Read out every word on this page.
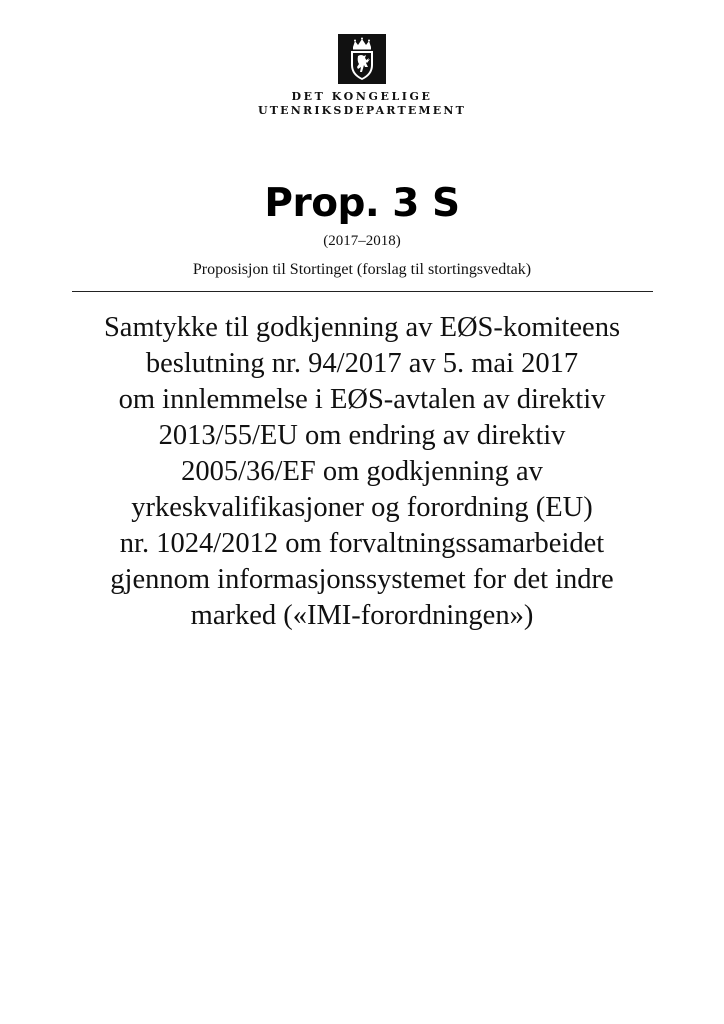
DET KONGELIGE
UTENRIKSDEPARTEMENT
Prop. 3 S
(2017–2018)
Proposisjon til Stortinget (forslag til stortingsvedtak)
Samtykke til godkjenning av EØS-komiteens
beslutning nr. 94/2017 av 5. mai 2017
om innlemmelse i EØS-avtalen av direktiv
2013/55/EU om endring av direktiv
2005/36/EF om godkjenning av
yrkeskvalifikasjoner og forordning (EU)
nr. 1024/2012 om forvaltningssamarbeidet
gjennom informasjonssystemet for det indre
marked («IMI-forordningen»)
